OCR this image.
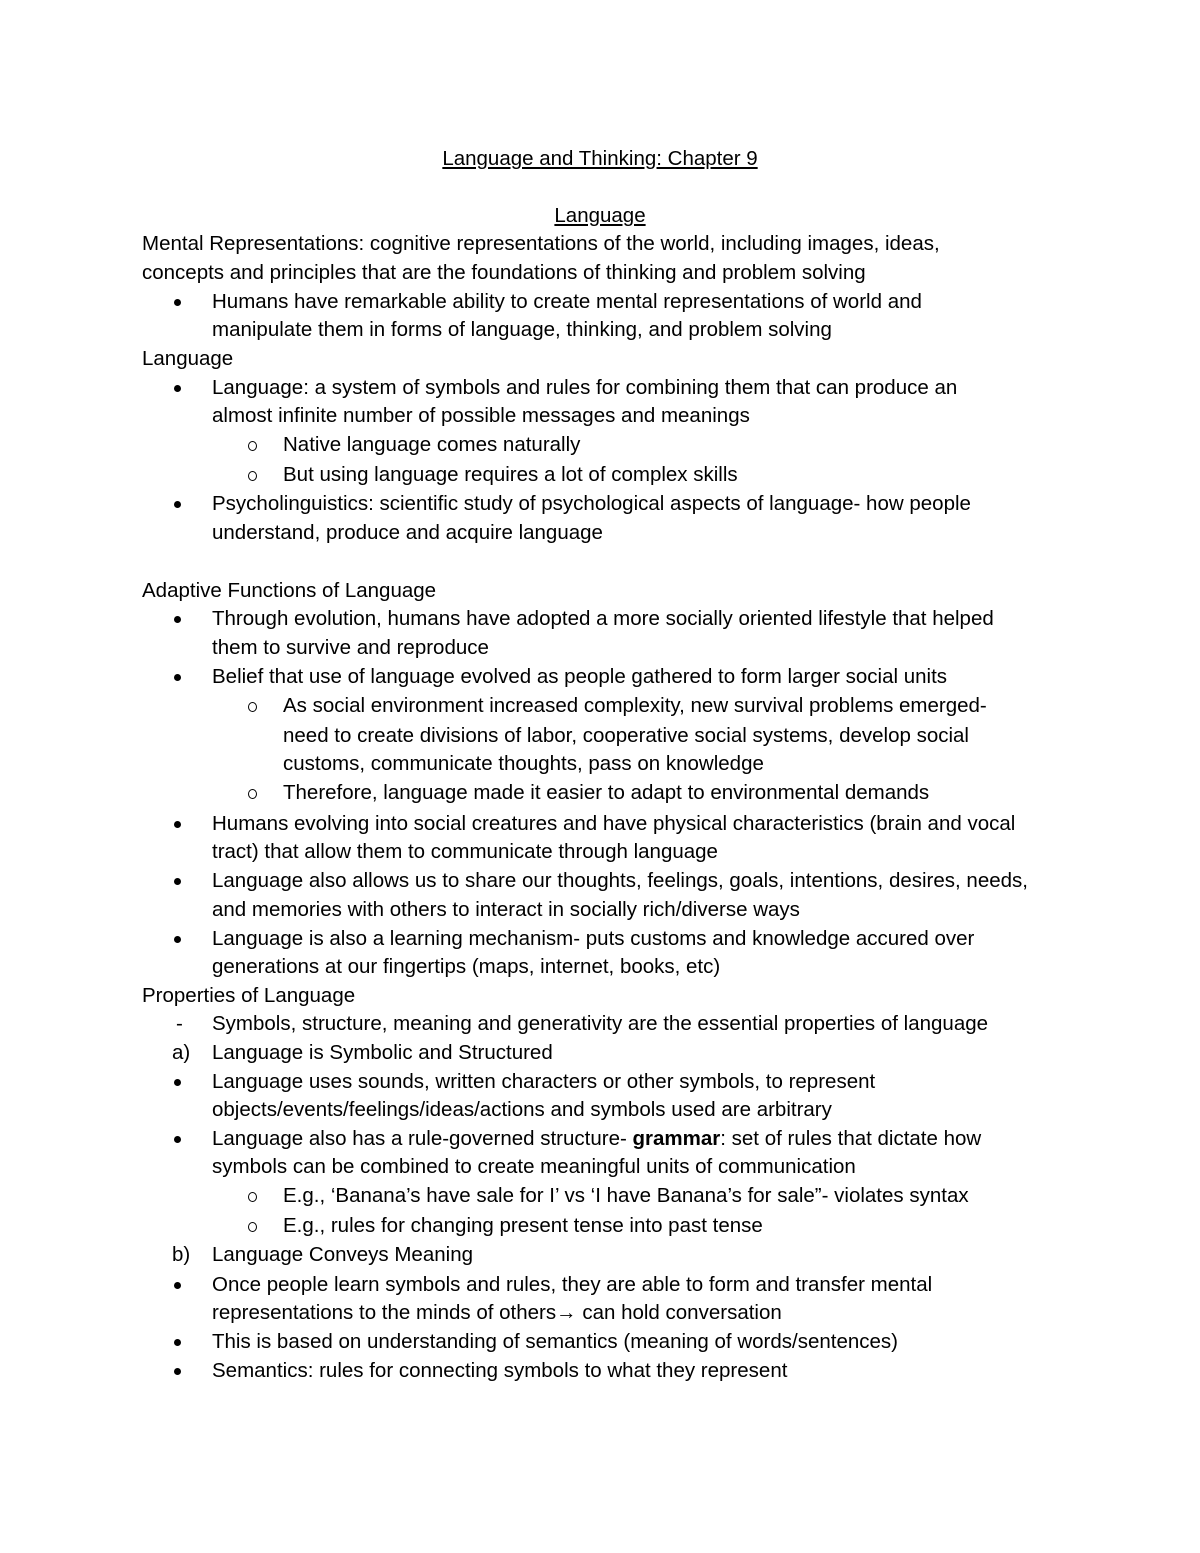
Language and Thinking: Chapter 9
Language
Mental Representations: cognitive representations of the world, including images, ideas,
concepts and principles that are the foundations of thinking and problem solving
Humans have remarkable ability to create mental representations of world and
manipulate them in forms of language, thinking, and problem solving
Language
Language: a system of symbols and rules for combining them that can produce an
almost infinite number of possible messages and meanings
Native language comes naturally
But using language requires a lot of complex skills
Psycholinguistics: scientific study of psychological aspects of language- how people
understand, produce and acquire language
Adaptive Functions of Language
Through evolution, humans have adopted a more socially oriented lifestyle that helped
them to survive and reproduce
Belief that use of language evolved as people gathered to form larger social units
As social environment increased complexity, new survival problems emerged-
need to create divisions of labor, cooperative social systems, develop social
customs, communicate thoughts, pass on knowledge
Therefore, language made it easier to adapt to environmental demands
Humans evolving into social creatures and have physical characteristics (brain and vocal
tract) that allow them to communicate through language
Language also allows us to share our thoughts, feelings, goals, intentions, desires, needs,
and memories with others to interact in socially rich/diverse ways
Language is also a learning mechanism- puts customs and knowledge accured over
generations at our fingertips (maps, internet, books, etc)
Properties of Language
- Symbols, structure, meaning and generativity are the essential properties of language
a) Language is Symbolic and Structured
Language uses sounds, written characters or other symbols, to represent
objects/events/feelings/ideas/actions and symbols used are arbitrary
Language also has a rule-governed structure- grammar: set of rules that dictate how
symbols can be combined to create meaningful units of communication
E.g., ‘Banana’s have sale for I’ vs ‘I have Banana’s for sale”- violates syntax
E.g., rules for changing present tense into past tense
b) Language Conveys Meaning
Once people learn symbols and rules, they are able to form and transfer mental
representations to the minds of others→ can hold conversation
This is based on understanding of semantics (meaning of words/sentences)
Semantics: rules for connecting symbols to what they represent
